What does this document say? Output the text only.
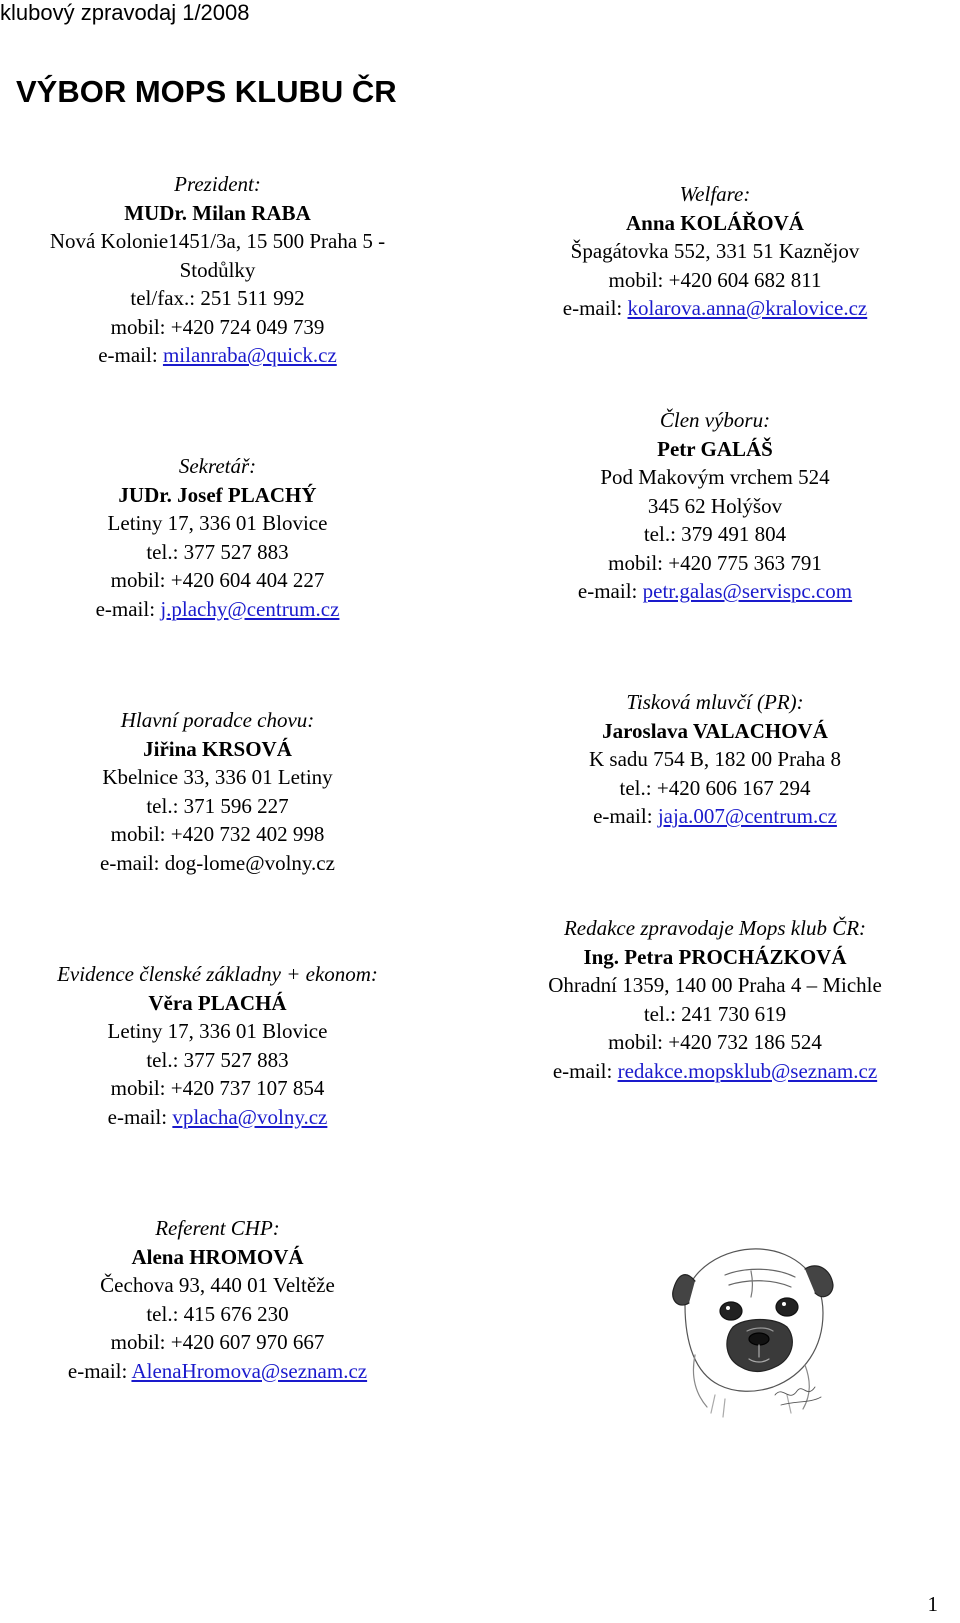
klubový zpravodaj 1/2008
VÝBOR MOPS KLUBU ČR
Prezident:
MUDr. Milan RABA
Nová Kolonie1451/3a, 15 500 Praha 5 - Stodůlky
tel/fax.: 251 511 992
mobil: +420 724 049 739
e-mail: milanraba@quick.cz
Welfare:
Anna KOLÁŘOVÁ
Špagátovka 552, 331 51 Kaznějov
mobil: +420 604 682 811
e-mail: kolarova.anna@kralovice.cz
Sekretář:
JUDr. Josef PLACHÝ
Letiny 17, 336 01 Blovice
tel.: 377 527 883
mobil: +420 604 404 227
e-mail: j.plachy@centrum.cz
Člen výboru:
Petr GALÁŠ
Pod Makovým vrchem 524
345 62 Holýšov
tel.: 379 491 804
mobil: +420 775 363 791
e-mail: petr.galas@servispc.com
Hlavní poradce chovu:
Jiřina KRSOVÁ
Kbelnice 33, 336 01 Letiny
tel.: 371 596 227
mobil: +420 732 402 998
e-mail: dog-lome@volny.cz
Tisková mluvčí (PR):
Jaroslava VALACHOVÁ
K sadu 754 B, 182 00 Praha 8
tel.: +420 606 167 294
e-mail: jaja.007@centrum.cz
Evidence členské základny + ekonom:
Věra PLACHÁ
Letiny 17, 336 01 Blovice
tel.: 377 527 883
mobil: +420 737 107 854
e-mail: vplacha@volny.cz
Redakce zpravodaje Mops klub ČR:
Ing. Petra PROCHÁZKOVÁ
Ohradní 1359, 140 00 Praha 4 – Michle
tel.: 241 730 619
mobil: +420 732 186 524
e-mail: redakce.mopsklub@seznam.cz
Referent CHP:
Alena HROMOVÁ
Čechova 93, 440 01 Veltěže
tel.: 415 676 230
mobil: +420 607 970 667
e-mail: AlenaHromova@seznam.cz
1
